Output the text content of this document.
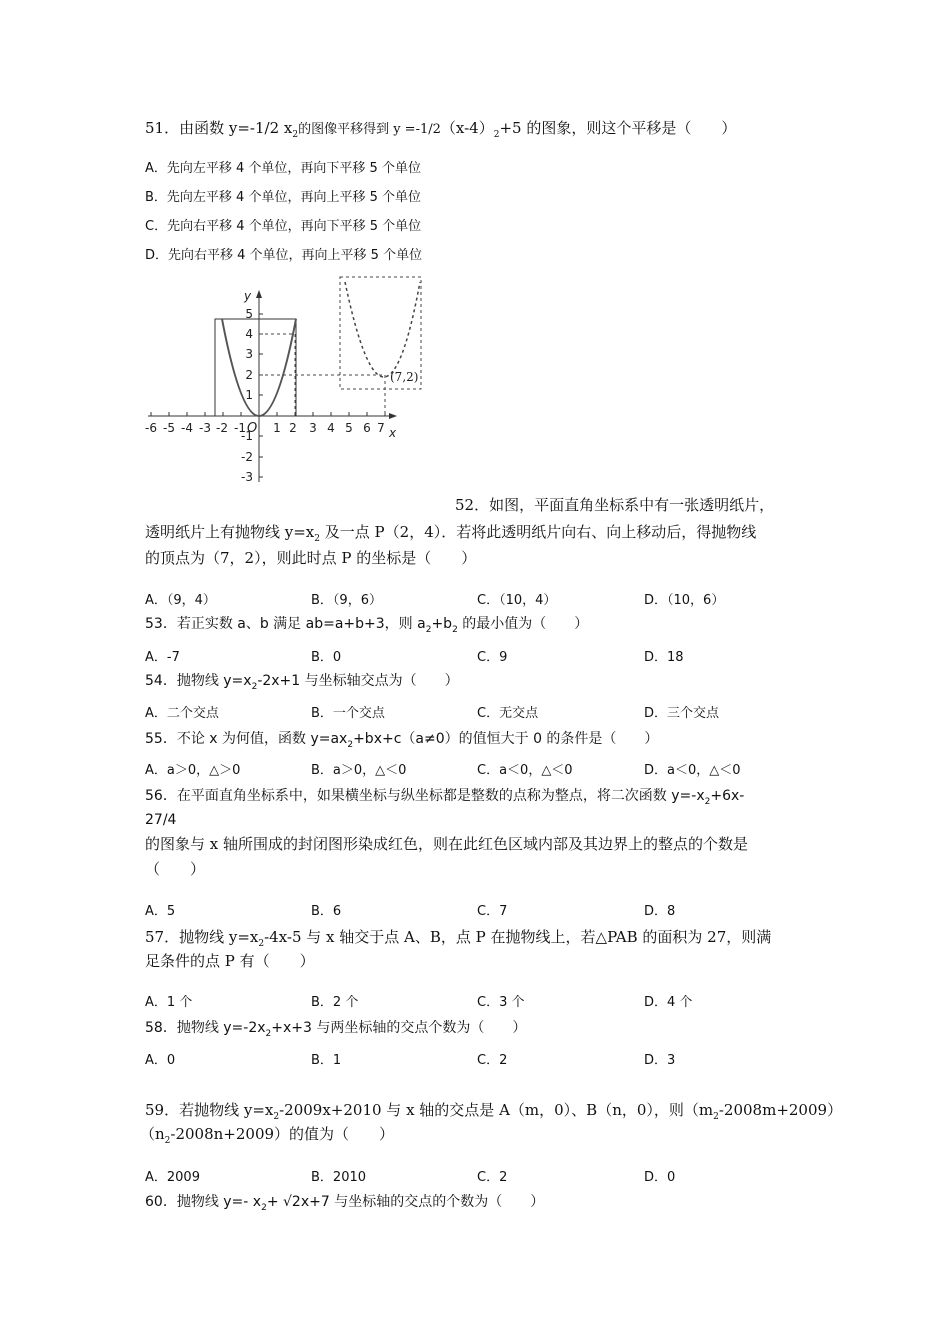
51．由函数 y=-1/2 $x_2$的图像平移得到 $y =-1/2(x-4)_2+5$ 的图象，则这个平移是（　　）
A．先向左平移 4 个单位，再向下平移 5 个单位
B．先向左平移 4 个单位，再向上平移 5 个单位
C．先向右平移 4 个单位，再向下平移 5 个单位
D．先向右平移 4 个单位，再向上平移 5 个单位
-6 -5 -4 -3 -2 -1 1 2 3 4 5 6 7
5
4
3
2
1
-1
-2
-3
x
y
O
(7,2)
52．如图，平面直角坐标系中有一张透明纸片，
透明纸片上有抛物线 $y=x_2$ 及一点 P（2，4）．若将此透明纸片向右、向上移动后，得抛物线
的顶点为（7，2），则此时点 P 的坐标是（　　）
A．（9，4）	B．（9，6）	C．（10，4）	D．（10，6）
53．若正实数 a、b 满足 ab=a+b+3，则 $a_2+b_2$ 的最小值为（　　）
A．-7	B．0	C．9	D．18
54．抛物线 $y=x_2-2x+1$ 与坐标轴交点为（　　）
A．二个交点	B．一个交点	C．无交点	D．三个交点
55．不论 x 为何值，函数 $y=ax_2+bx+c(a\ne 0)$的值恒大于 0 的条件是（　　）
A．a＞0，△＞0	B．a＞0，△＜0	C．a＜0，△＜0	D．a＜0，△＜0
56．在平面直角坐标系中，如果横坐标与纵坐标都是整数的点称为整点，将二次函数 $y=-x_2+6x-$
27/4
的图象与 x 轴所围成的封闭图形染成红色，则在此红色区域内部及其边界上的整点的个数是
（　　）
A．5	B．6	C．7	D．8
57．抛物线 $y=x_2-4x-5$ 与 x 轴交于点 A、B，点 P 在抛物线上，若△PAB 的面积为 27，则满
足条件的点 P 有（　　）
A．1 个	B．2 个	C．3 个	D．4 个
58．抛物线 $y=-2x_2+x+3$ 与两坐标轴的交点个数为（　　）
A．0	B．1	C．2	D．3
59．若抛物线 $y=x_2-2009x+2010$ 与 x 轴的交点是 A（m，0）、B（n，0），则$(m_2-2008m+2009)$
$(n_2-2008n+2009)$的值为（　　）
A．2009	B．2010	C．2	D．0
60．抛物线 y=- $x_2+ √2x+7$ 与坐标轴的交点的个数为（　　）
